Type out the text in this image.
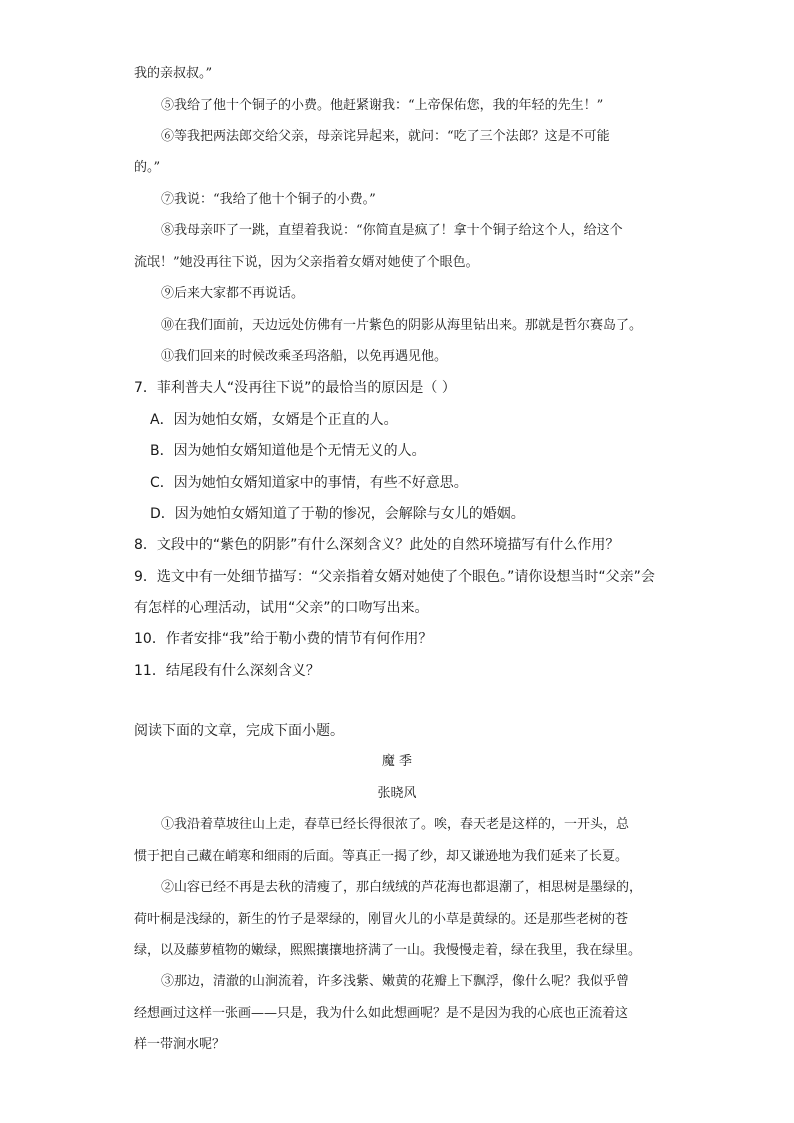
我的亲叔叔。”
⑤我给了他十个铜子的小费。他赶紧谢我：“上帝保佑您，我的年轻的先生！”
⑥等我把两法郎交给父亲，母亲诧异起来，就问：“吃了三个法郎？这是不可能
的。”
⑦我说：“我给了他十个铜子的小费。”
⑧我母亲吓了一跳，直望着我说：“你简直是疯了！拿十个铜子给这个人，给这个
流氓！”她没再往下说，因为父亲指着女婿对她使了个眼色。
⑨后来大家都不再说话。
⑩在我们面前，天边远处仿佛有一片紫色的阴影从海里钻出来。那就是哲尔赛岛了。
⑪我们回来的时候改乘圣玛洛船，以免再遇见他。
7．菲利普夫人“没再往下说”的最恰当的原因是（ ）
A．因为她怕女婿，女婿是个正直的人。
B．因为她怕女婿知道他是个无情无义的人。
C．因为她怕女婿知道家中的事情，有些不好意思。
D．因为她怕女婿知道了于勒的惨况，会解除与女儿的婚姻。
8．文段中的“紫色的阴影”有什么深刻含义？此处的自然环境描写有什么作用？
9．选文中有一处细节描写：“父亲指着女婿对她使了个眼色。”请你设想当时“父亲”会
有怎样的心理活动，试用“父亲”的口吻写出来。
10．作者安排“我”给于勒小费的情节有何作用？
11．结尾段有什么深刻含义？
阅读下面的文章，完成下面小题。
魔 季
张晓风
①我沿着草坡往山上走，春草已经长得很浓了。唉，春天老是这样的，一开头，总
惯于把自己藏在峭寒和细雨的后面。等真正一揭了纱，却又谦逊地为我们延来了长夏。
②山容已经不再是去秋的清瘦了，那白绒绒的芦花海也都退潮了，相思树是墨绿的，
荷叶桐是浅绿的，新生的竹子是翠绿的，刚冒火儿的小草是黄绿的。还是那些老树的苍
绿，以及藤萝植物的嫩绿，熙熙攘攘地挤满了一山。我慢慢走着，绿在我里，我在绿里。
③那边，清澈的山涧流着，许多浅紫、嫩黄的花瓣上下飘浮，像什么呢？我似乎曾
经想画过这样一张画——只是，我为什么如此想画呢？是不是因为我的心底也正流着这
样一带涧水呢？
